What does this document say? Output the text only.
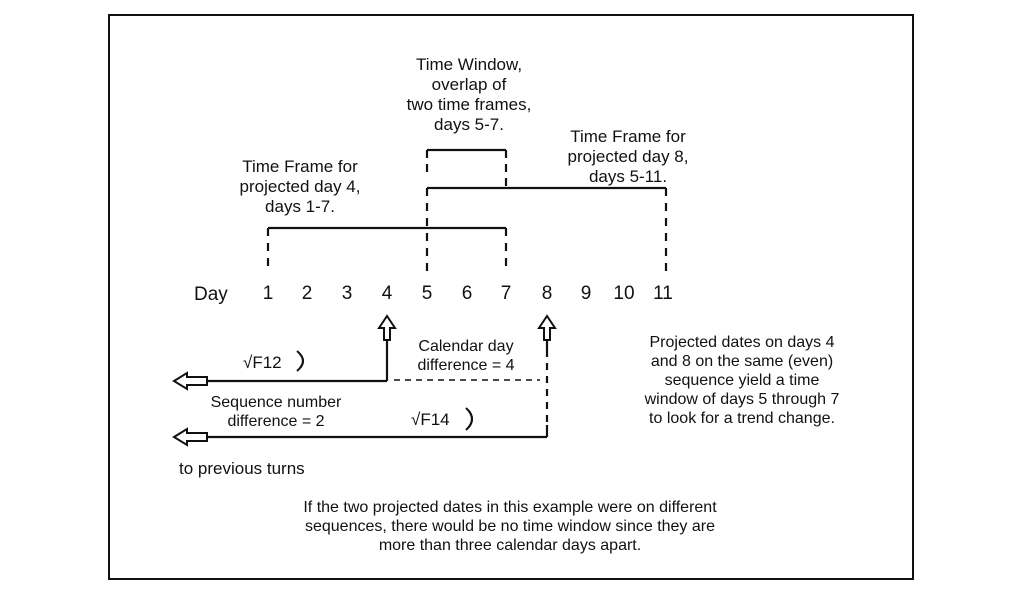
Time Window,
overlap of
two time frames,
days 5-7.
Time Frame for
projected day 8,
days 5-11.
Time Frame for
projected day 4,
days 1-7.
Day	1	2	3	4	5	6	7	8	9	10 11
Calendar day
difference = 4
√F12
Sequence number
difference = 2	√F14
to previous turns
Projected dates on days 4
and 8 on the same (even)
sequence yield a time
window of days 5 through 7
to look for a trend change.
If the two projected dates in this example were on different
sequences, there would be no time window since they are
more than three calendar days apart.
